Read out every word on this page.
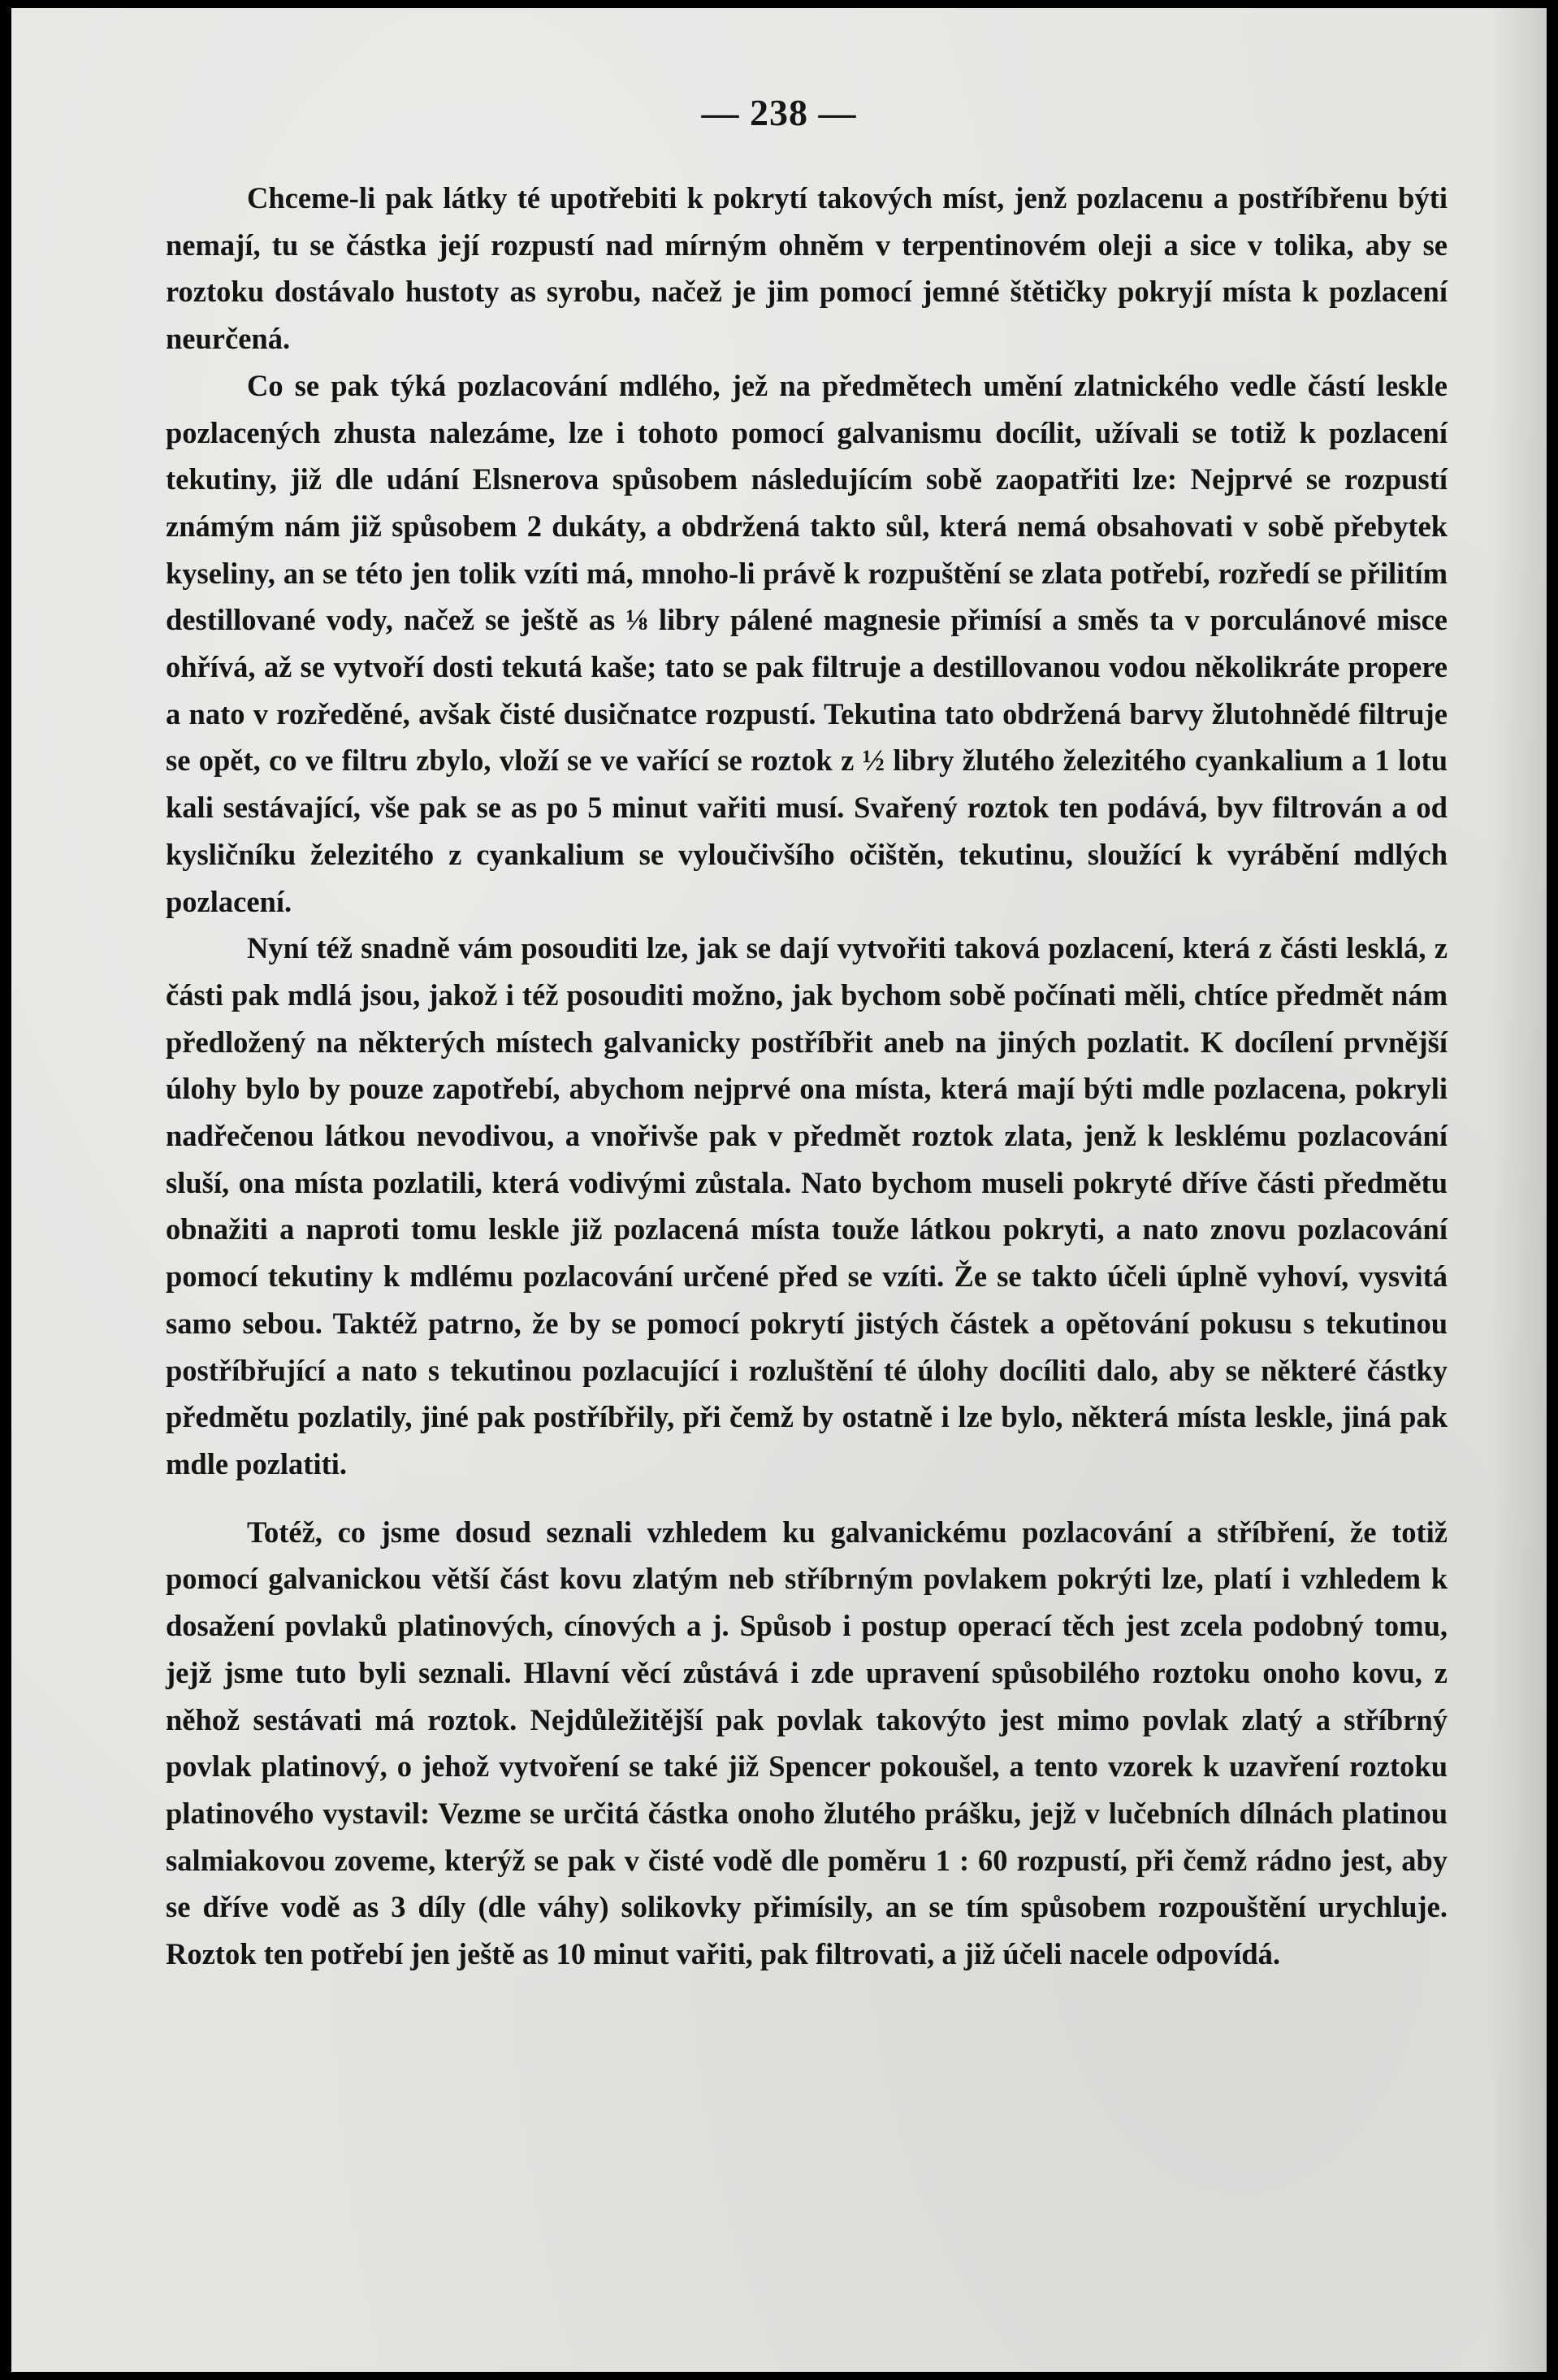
— 238 —

Chceme-li pak látky té upotřebiti k pokrytí takových míst, jenž pozlacenu a postříbřenu býti nemají, tu se částka její rozpustí nad mírným ohněm v terpentinovém oleji a sice v tolika, aby se roztoku dostávalo hustoty as syrobu, načež je jim pomocí jemné štětičky pokryjí místa k pozlacení neurčená.

Co se pak týká pozlacování mdlého, jež na předmětech umění zlatnického vedle částí leskle pozlacených zhusta nalezáme, lze i tohoto pomocí galvanismu docílit, užívali se totiž k pozlacení tekutiny, již dle udání Elsnerova spůsobem následujícím sobě zaopatřiti lze: Nejprvé se rozpustí známým nám již spůsobem 2 dukáty, a obdržená takto sůl, která nemá obsahovati v sobě přebytek kyseliny, an se této jen tolik vzíti má, mnoho-li právě k rozpuštění se zlata potřebí, rozředí se přilitím destillované vody, načež se ještě as ⅛ libry pálené magnesie přimísí a směs ta v porculánové misce ohřívá, až se vytvoří dosti tekutá kaše; tato se pak filtruje a destillovanou vodou několikráte propere a nato v rozředěné, avšak čisté dusičnatce rozpustí. Tekutina tato obdržená barvy žlutohnědé filtruje se opět, co ve filtru zbylo, vloží se ve vařící se roztok z ½ libry žlutého železitého cyankalium a 1 lotu kali sestávající, vše pak se as po 5 minut vařiti musí. Svařený roztok ten podává, byv filtrován a od kysličníku železitého z cyankalium se vyloučivšího očištěn, tekutinu, sloužící k vyrábění mdlých pozlacení.

Nyní též snadně vám posouditi lze, jak se dají vytvořiti taková pozlacení, která z části lesklá, z části pak mdlá jsou, jakož i též posouditi možno, jak bychom sobě počínati měli, chtíce předmět nám předložený na některých místech galvanicky postříbřit aneb na jiných pozlatit. K docílení prvnější úlohy bylo by pouze zapotřebí, abychom nejprvé ona místa, která mají býti mdle pozlacena, pokryli nadřečenou látkou nevodivou, a vnořivše pak v předmět roztok zlata, jenž k lesklému pozlacování sluší, ona místa pozlatili, která vodivými zůstala. Nato bychom museli pokryté dříve části předmětu obnažiti a naproti tomu leskle již pozlacená místa touže látkou pokryti, a nato znovu pozlacování pomocí tekutiny k mdlému pozlacování určené před se vzíti. Že se takto účeli úplně vyhoví, vysvitá samo sebou. Taktéž patrno, že by se pomocí pokrytí jistých částek a opětování pokusu s tekutinou postříbřující a nato s tekutinou pozlacující i rozluštění té úlohy docíliti dalo, aby se některé částky předmětu pozlatily, jiné pak postříbřily, při čemž by ostatně i lze bylo, některá místa leskle, jiná pak mdle pozlatiti.

Totéž, co jsme dosud seznali vzhledem ku galvanickému pozlacování a stříbření, že totiž pomocí galvanickou větší část kovu zlatým neb stříbrným povlakem pokrýti lze, platí i vzhledem k dosažení povlaků platinových, cínových a j. Spůsob i postup operací těch jest zcela podobný tomu, jejž jsme tuto byli seznali. Hlavní věcí zůstává i zde upravení spůsobilého roztoku onoho kovu, z něhož sestávati má roztok. Nejdůležitější pak povlak takovýto jest mimo povlak zlatý a stříbrný povlak platinový, o jehož vytvoření se také již Spencer pokoušel, a tento vzorek k uzavření roztoku platinového vystavil: Vezme se určitá částka onoho žlutého prášku, jejž v lučebních dílnách platinou salmiakovou zoveme, kterýž se pak v čisté vodě dle poměru 1 : 60 rozpustí, při čemž rádno jest, aby se dříve vodě as 3 díly (dle váhy) solikovky přimísily, an se tím spůsobem rozpouštění urychluje. Roztok ten potřebí jen ještě as 10 minut vařiti, pak filtrovati, a již účeli nacele odpovídá.
